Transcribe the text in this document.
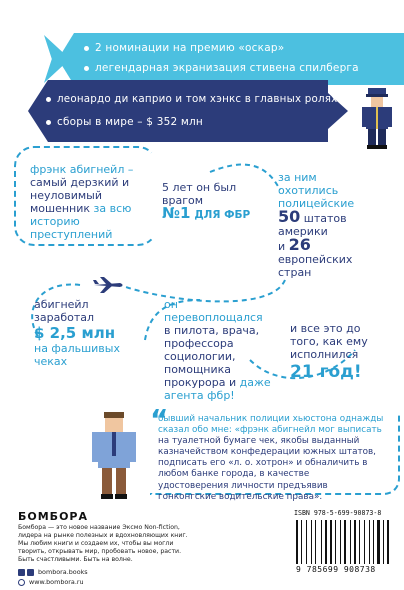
2 номинации на премию «оскар»
легендарная экранизация стивена спилберга
леонардо ди каприо и том хэнкс в главных ролях
сборы в мире – $ 352 млн
фрэнк абигнейл –
самый дерзкий и
неуловимый
мошенник за всю
историю
преступлений
5 лет он был
врагом
№1 ДЛЯ ФБР
за ним
охотились
полицейские
50 штатов
америки
и 26
европейских
стран
абигнейл
заработал
$ 2,5 млн
на фальшивых
чеках
он
перевоплощался
в пилота, врача,
профессора
социологии,
помощника
прокурора и даже
агента фбр!
и все это до
того, как ему
исполнился
21 год!
“
бывший начальник полиции хьюстона однажды
сказал обо мне: «фрэнк абигнейл мог выписать
на туалетной бумаге чек, якобы выданный
казначейством конфедерации южных штатов,
подписать его «л. о. хотрон» и обналичить в
любом банке города, в качестве
удостоверения личности предъявив
гонконгские водительские права».
БОМБОРА
Бомбора — это новое название Эксмо Non-fiction,
лидера на рынке полезных и вдохновляющих книг.
Мы любим книги и создаем их, чтобы вы могли
творить, открывать мир, пробовать новое, расти.
Быть счастливыми. Быть на волне.
bombora.books
www.bombora.ru
ISBN 978-5-699-90873-8
9 785699 908738
